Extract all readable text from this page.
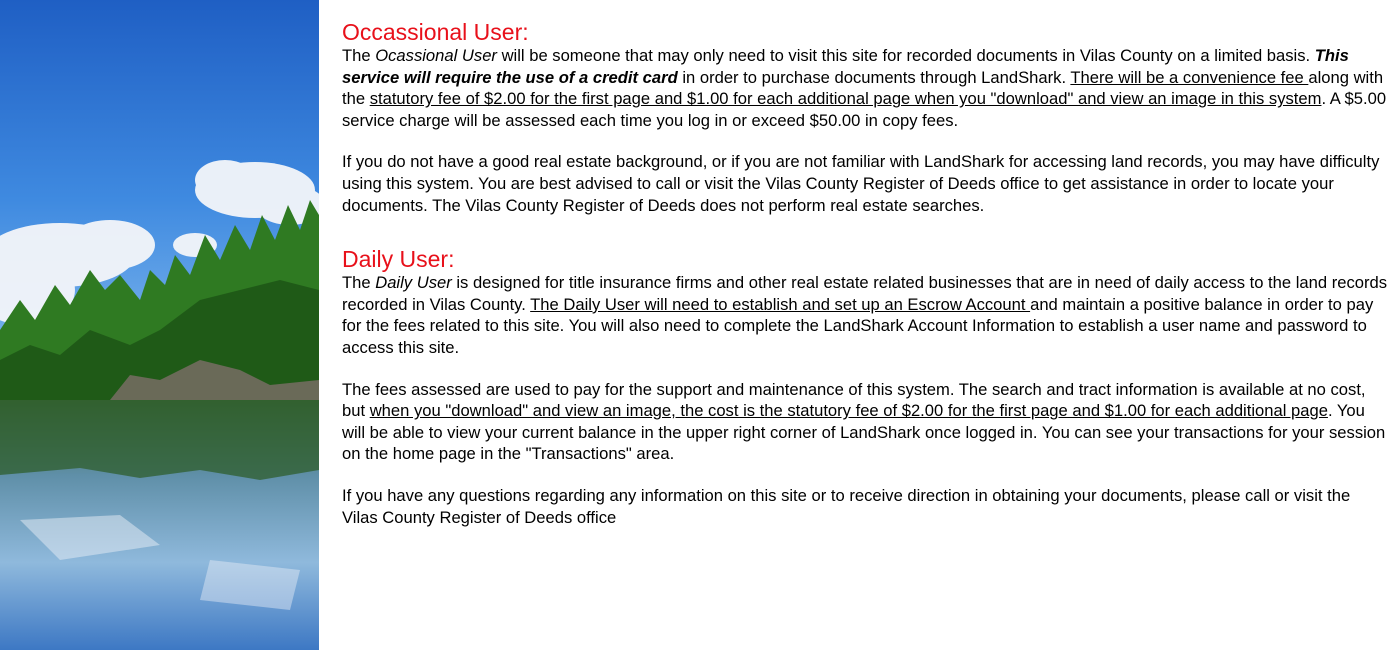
Occassional User:

The Ocassional User will be someone that may only need to visit this site for recorded documents in Vilas County on a limited basis. This service will require the use of a credit card in order to purchase documents through LandShark. There will be a convenience fee along with the statutory fee of $2.00 for the first page and $1.00 for each additional page when you "download" and view an image in this system. A $5.00 service charge will be assessed each time you log in or exceed $50.00 in copy fees.

If you do not have a good real estate background, or if you are not familiar with LandShark for accessing land records, you may have difficulty using this system. You are best advised to call or visit the Vilas County Register of Deeds office to get assistance in order to locate your documents. The Vilas County Register of Deeds does not perform real estate searches.

Daily User:

The Daily User is designed for title insurance firms and other real estate related businesses that are in need of daily access to the land records recorded in Vilas County. The Daily User will need to establish and set up an Escrow Account and maintain a positive balance in order to pay for the fees related to this site. You will also need to complete the LandShark Account Information to establish a user name and password to access this site.

The fees assessed are used to pay for the support and maintenance of this system. The search and tract information is available at no cost, but when you "download" and view an image, the cost is the statutory fee of $2.00 for the first page and $1.00 for each additional page. You will be able to view your current balance in the upper right corner of LandShark once logged in. You can see your transactions for your session on the home page in the "Transactions" area.

If you have any questions regarding any information on this site or to receive direction in obtaining your documents, please call or visit the Vilas County Register of Deeds office
